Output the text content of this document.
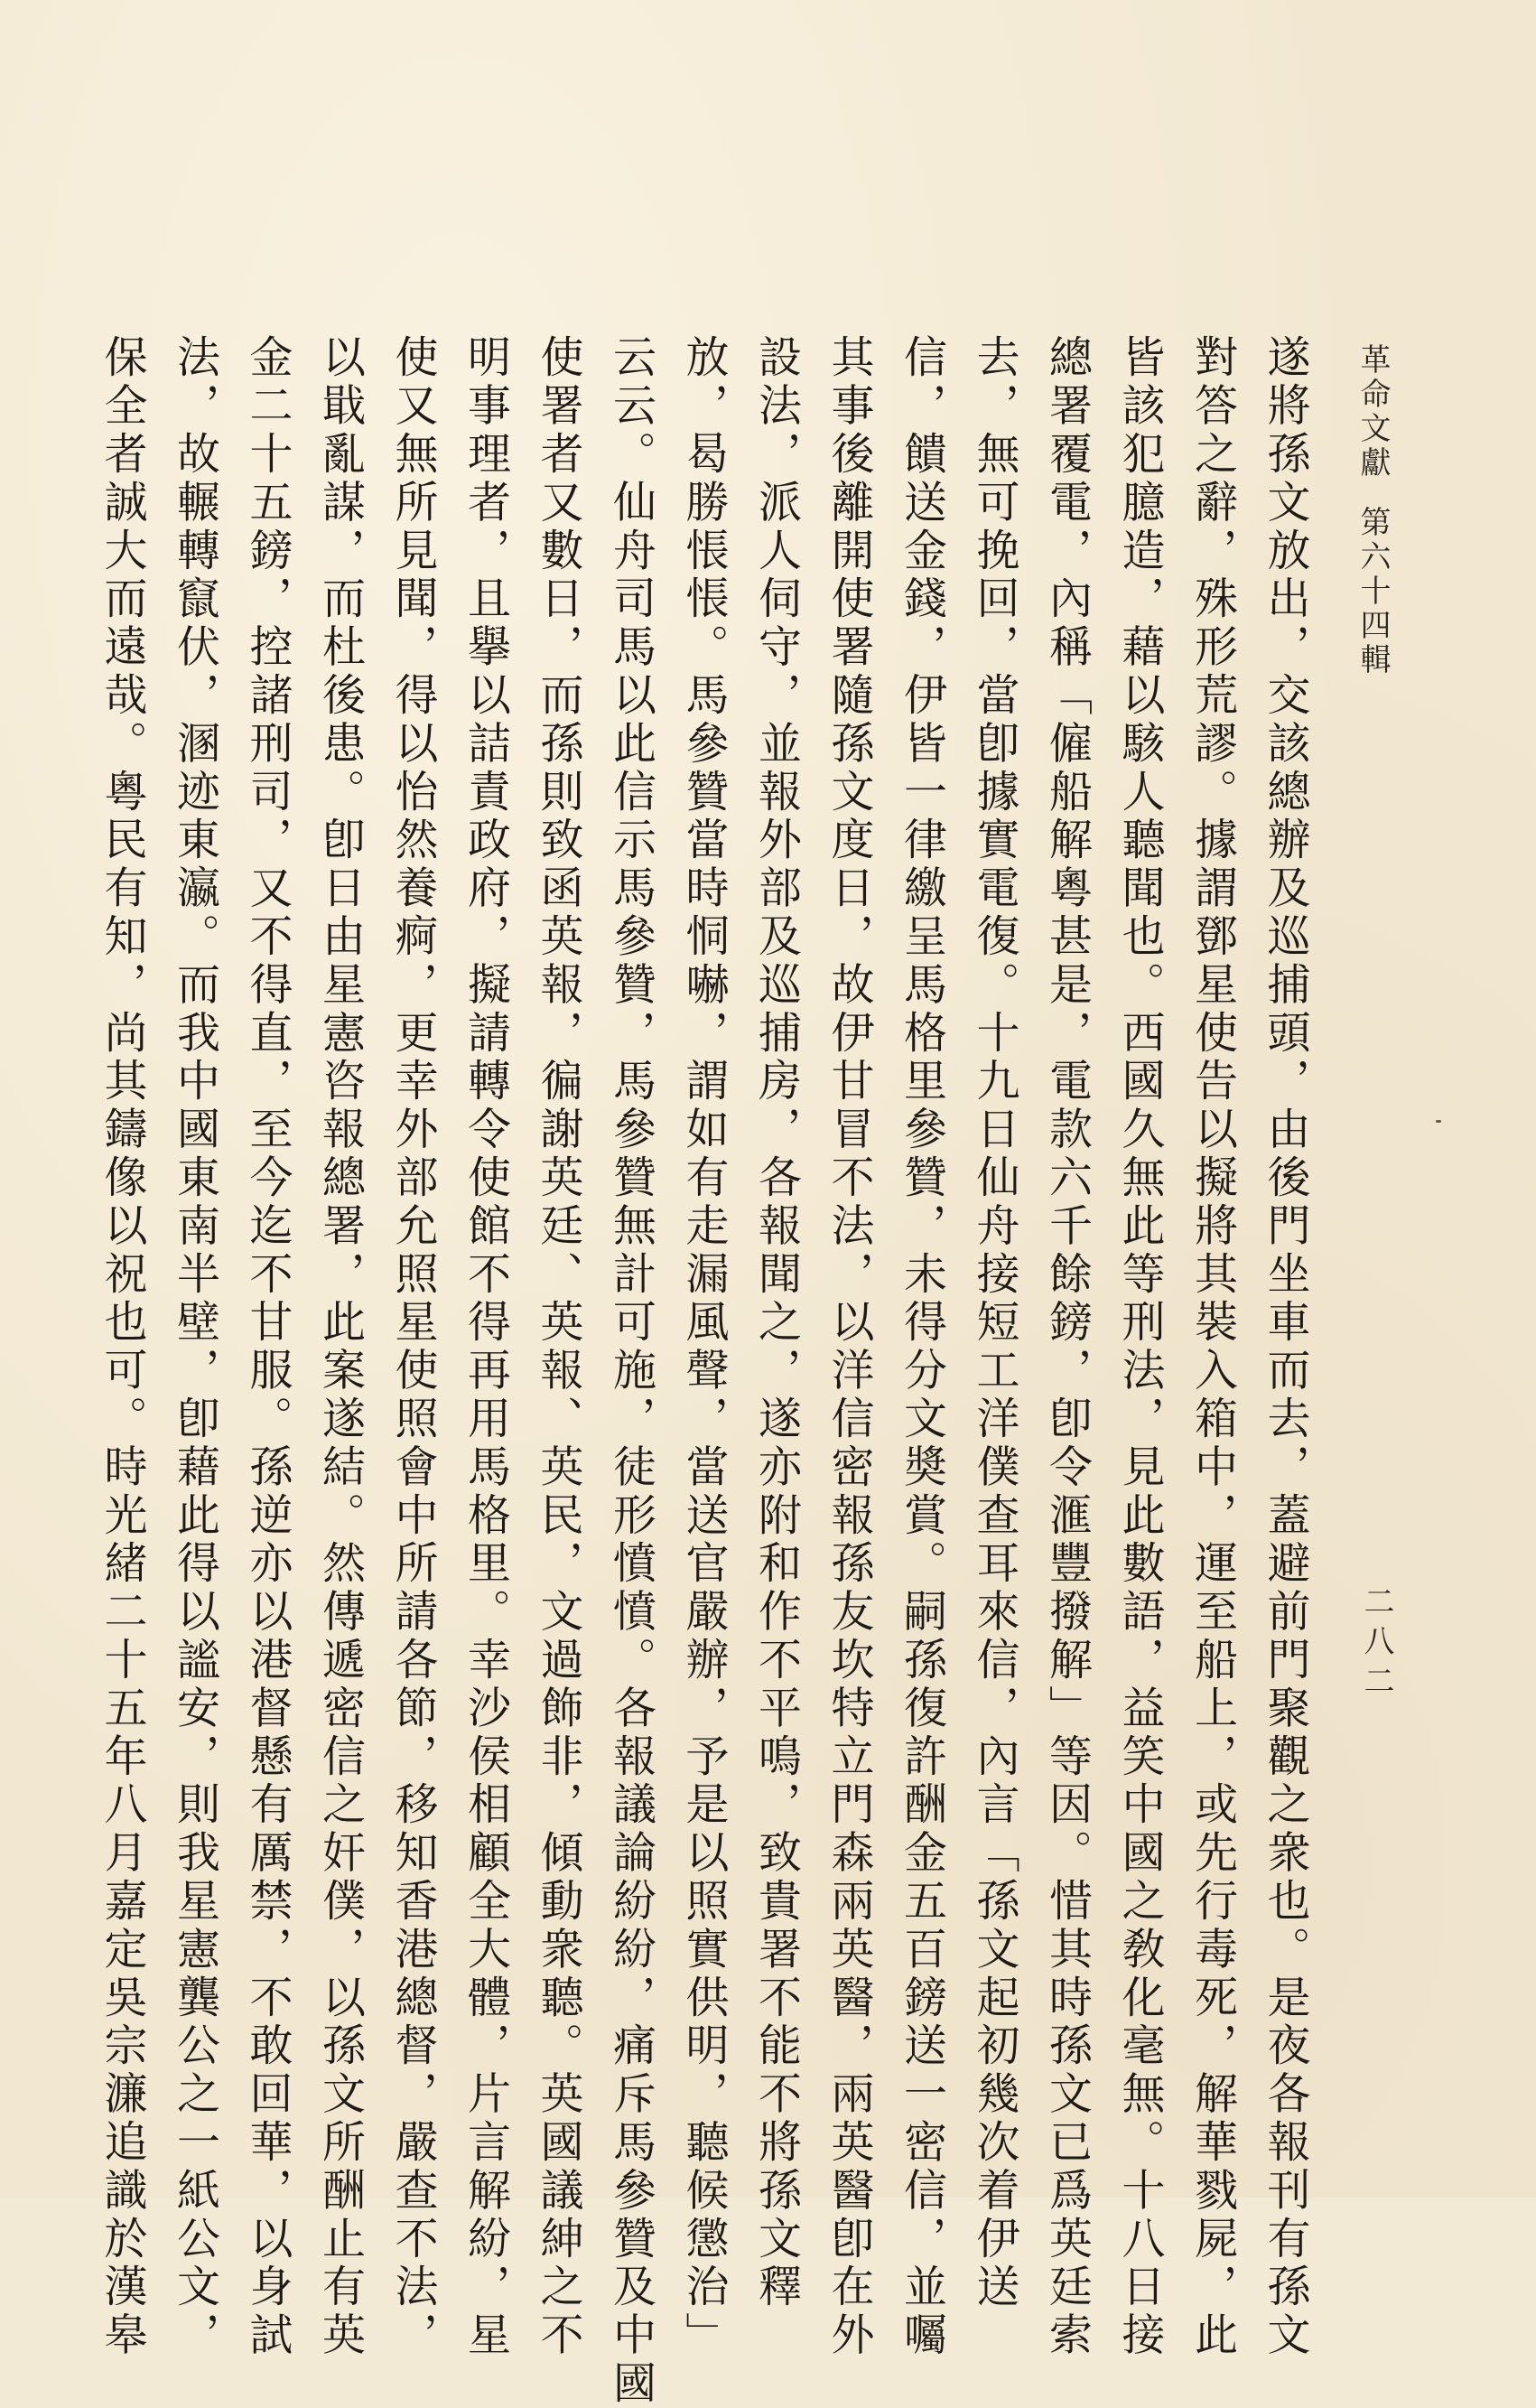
革命文獻第六十四輯
二八二
遂將孫文放出，交該總辦及巡捕頭，由後門坐車而去，蓋避前門聚觀之衆也。是夜各報刊有孫文
對答之辭，殊形荒謬。據謂鄧星使告以擬將其裝入箱中，運至船上，或先行毒死，解華戮屍，此
皆該犯臆造，藉以駭人聽聞也。西國久無此等刑法，見此數語，益笑中國之敎化毫無。十八日接
總署覆電，內稱「僱船解粵甚是，電款六千餘鎊，卽令滙豐撥解」等因。惜其時孫文已爲英廷索
去，無可挽回，當卽據實電復。十九日仙舟接短工洋僕查耳來信，內言「孫文起初幾次着伊送
信，饋送金錢，伊皆一律繳呈馬格里參贊，未得分文奬賞。嗣孫復許酬金五百鎊送一密信，並囑
其事後離開使署隨孫文度日，故伊甘冒不法，以洋信密報孫友坎特立門森兩英醫，兩英醫卽在外
設法，派人伺守，並報外部及巡捕房，各報聞之，遂亦附和作不平鳴，致貴署不能不將孫文釋
放，曷勝悵悵。馬參贊當時恫嚇，謂如有走漏風聲，當送官嚴辦，予是以照實供明，聽候懲治」
云云。仙舟司馬以此信示馬參贊，馬參贊無計可施，徒形憤憤。各報議論紛紛，痛斥馬參贊及中國
使署者又數日，而孫則致函英報，徧謝英廷、英報、英民，文過飾非，傾動衆聽。英國議紳之不
明事理者，且擧以詰責政府，擬請轉令使館不得再用馬格里。幸沙侯相顧全大體，片言解紛，星
使又無所見聞，得以怡然養痾，更幸外部允照星使照會中所請各節，移知香港總督，嚴查不法，
以戢亂謀，而杜後患。卽日由星憲咨報總署，此案遂結。然傳遞密信之奸僕，以孫文所酬止有英
金二十五鎊，控諸刑司，又不得直，至今迄不甘服。孫逆亦以港督懸有厲禁，不敢回華，以身試
法，故輾轉竄伏，溷迹東瀛。而我中國東南半壁，卽藉此得以謐安，則我星憲龔公之一紙公文，
保全者誠大而遠哉。粵民有知，尚其鑄像以祝也可。時光緒二十五年八月嘉定吳宗濂追識於漢皋
